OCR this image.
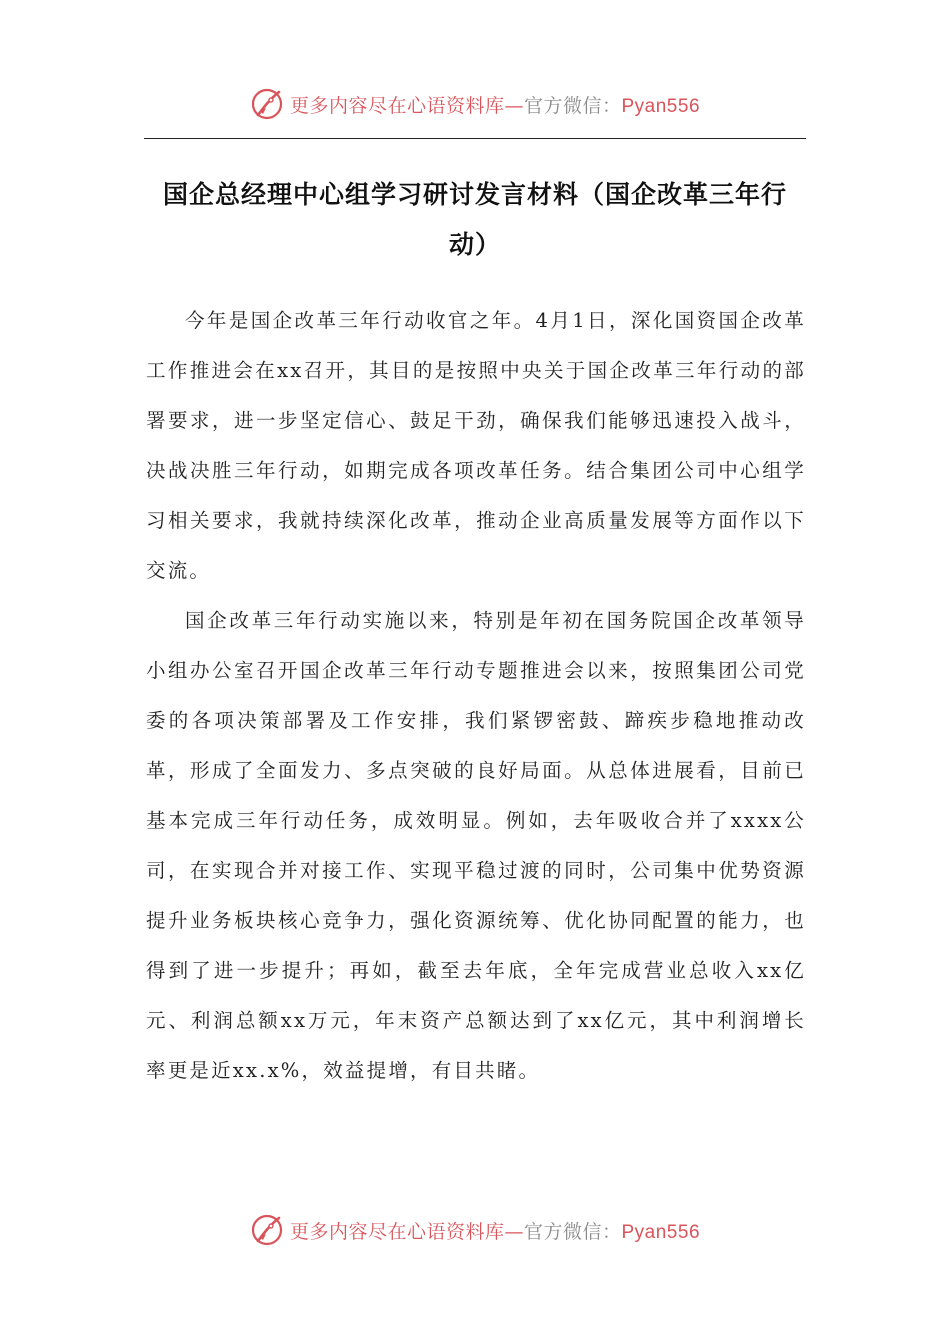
更多内容尽在心语资料库—官方微信：Pyan556
国企总经理中心组学习研讨发言材料（国企改革三年行动）

今年是国企改革三年行动收官之年。4月1日，深化国资国企改革工作推进会在xx召开，其目的是按照中央关于国企改革三年行动的部署要求，进一步坚定信心、鼓足干劲，确保我们能够迅速投入战斗，决战决胜三年行动，如期完成各项改革任务。结合集团公司中心组学习相关要求，我就持续深化改革，推动企业高质量发展等方面作以下交流。

国企改革三年行动实施以来，特别是年初在国务院国企改革领导小组办公室召开国企改革三年行动专题推进会以来，按照集团公司党委的各项决策部署及工作安排，我们紧锣密鼓、蹄疾步稳地推动改革，形成了全面发力、多点突破的良好局面。从总体进展看，目前已基本完成三年行动任务，成效明显。例如，去年吸收合并了xxxx公司，在实现合并对接工作、实现平稳过渡的同时，公司集中优势资源提升业务板块核心竞争力，强化资源统筹、优化协同配置的能力，也得到了进一步提升；再如，截至去年底，全年完成营业总收入xx亿元、利润总额xx万元，年末资产总额达到了xx亿元，其中利润增长率更是近xx.x%，效益提增，有目共睹。

更多内容尽在心语资料库—官方微信：Pyan556
